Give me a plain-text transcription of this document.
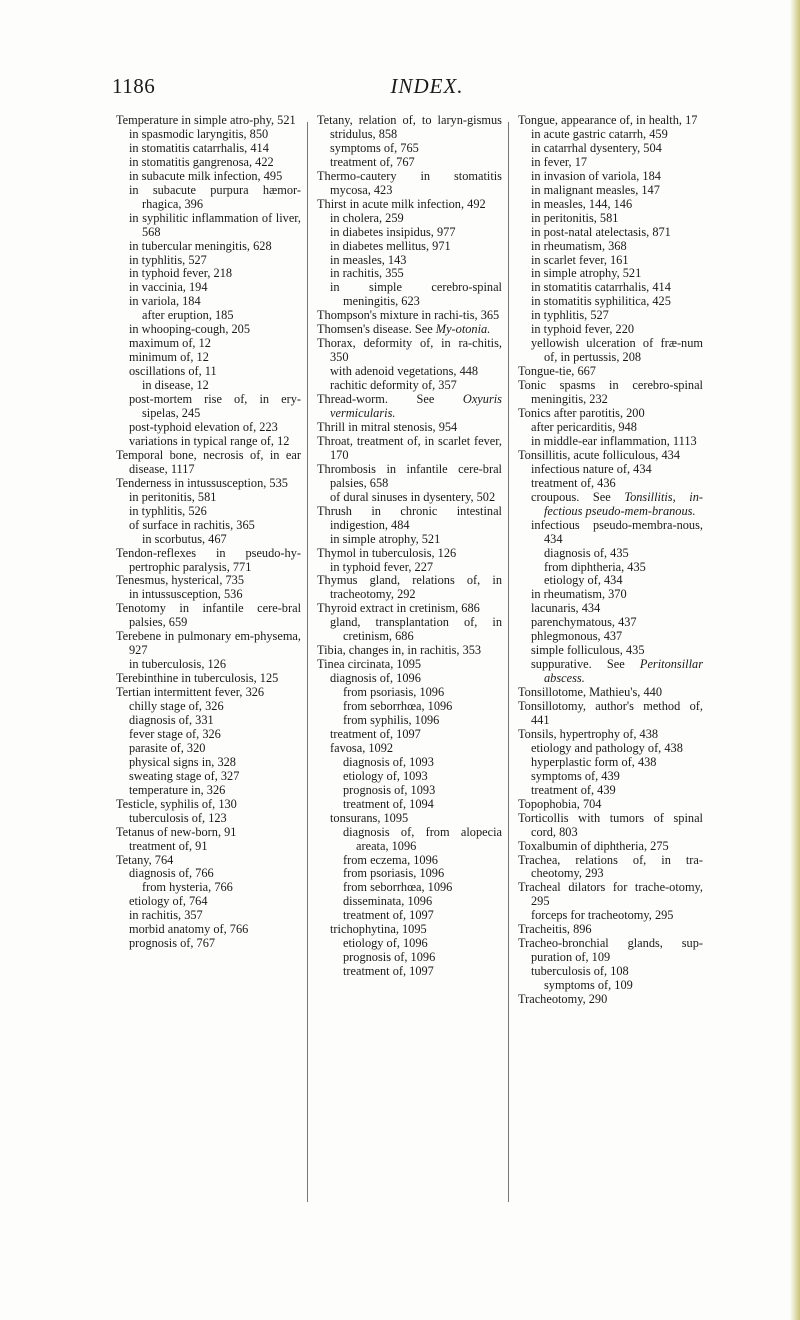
1186	INDEX.

Temperature in simple atro-phy, 521

in spasmodic laryngitis, 850

in stomatitis catarrhalis, 414

in stomatitis gangrenosa, 422

in subacute milk infection, 495

in subacute purpura hæmor-rhagica, 396

in syphilitic inflammation of liver, 568

in tubercular meningitis, 628

in typhlitis, 527

in typhoid fever, 218

in vaccinia, 194

in variola, 184

after eruption, 185

in whooping-cough, 205

maximum of, 12

minimum of, 12

oscillations of, 11

in disease, 12

post-mortem rise of, in ery-sipelas, 245

post-typhoid elevation of, 223

variations in typical range of, 12

Temporal bone, necrosis of, in ear disease, 1117

Tenderness in intussusception, 535

in peritonitis, 581

in typhlitis, 526

of surface in rachitis, 365

in scorbutus, 467

Tendon-reflexes in pseudo-hy-pertrophic paralysis, 771

Tenesmus, hysterical, 735

in intussusception, 536

Tenotomy in infantile cere-bral palsies, 659

Terebene in pulmonary em-physema, 927

in tuberculosis, 126

Terebinthine in tuberculosis, 125

Tertian intermittent fever, 326

chilly stage of, 326

diagnosis of, 331

fever stage of, 326

parasite of, 320

physical signs in, 328

sweating stage of, 327

temperature in, 326

Testicle, syphilis of, 130

tuberculosis of, 123

Tetanus of new-born, 91

treatment of, 91

Tetany, 764

diagnosis of, 766

from hysteria, 766

etiology of, 764

in rachitis, 357

morbid anatomy of, 766

prognosis of, 767

Tetany, relation of, to laryn-gismus stridulus, 858

symptoms of, 765

treatment of, 767

Thermo-cautery in stomatitis mycosa, 423

Thirst in acute milk infection, 492

in cholera, 259

in diabetes insipidus, 977

in diabetes mellitus, 971

in measles, 143

in rachitis, 355

in simple cerebro-spinal meningitis, 623

Thompson's mixture in rachi-tis, 365

Thomsen's disease. See My-otonia.

Thorax, deformity of, in ra-chitis, 350

with adenoid vegetations, 448

rachitic deformity of, 357

Thread-worm. See Oxyuris vermicularis.

Thrill in mitral stenosis, 954

Throat, treatment of, in scarlet fever, 170

Thrombosis in infantile cere-bral palsies, 658

of dural sinuses in dysentery, 502

Thrush in chronic intestinal indigestion, 484

in simple atrophy, 521

Thymol in tuberculosis, 126

in typhoid fever, 227

Thymus gland, relations of, in tracheotomy, 292

Thyroid extract in cretinism, 686

gland, transplantation of, in cretinism, 686

Tibia, changes in, in rachitis, 353

Tinea circinata, 1095

diagnosis of, 1096

from psoriasis, 1096

from seborrhœa, 1096

from syphilis, 1096

treatment of, 1097

favosa, 1092

diagnosis of, 1093

etiology of, 1093

prognosis of, 1093

treatment of, 1094

tonsurans, 1095

diagnosis of, from alopecia areata, 1096

from eczema, 1096

from psoriasis, 1096

from seborrhœa, 1096

disseminata, 1096

treatment of, 1097

trichophytina, 1095

etiology of, 1096

prognosis of, 1096

treatment of, 1097

Tongue, appearance of, in health, 17

in acute gastric catarrh, 459

in catarrhal dysentery, 504

in fever, 17

in invasion of variola, 184

in malignant measles, 147

in measles, 144, 146

in peritonitis, 581

in post-natal atelectasis, 871

in rheumatism, 368

in scarlet fever, 161

in simple atrophy, 521

in stomatitis catarrhalis, 414

in stomatitis syphilitica, 425

in typhlitis, 527

in typhoid fever, 220

yellowish ulceration of fræ-num of, in pertussis, 208

Tongue-tie, 667

Tonic spasms in cerebro-spinal meningitis, 232

Tonics after parotitis, 200

after pericarditis, 948

in middle-ear inflammation, 1113

Tonsillitis, acute folliculous, 434

infectious nature of, 434

treatment of, 436

croupous. See Tonsillitis, in-fectious pseudo-mem-branous.

infectious pseudo-membra-nous, 434

diagnosis of, 435

from diphtheria, 435

etiology of, 434

in rheumatism, 370

lacunaris, 434

parenchymatous, 437

phlegmonous, 437

simple folliculous, 435

suppurative. See Peritonsillar abscess.

Tonsillotome, Mathieu's, 440

Tonsillotomy, author's method of, 441

Tonsils, hypertrophy of, 438

etiology and pathology of, 438

hyperplastic form of, 438

symptoms of, 439

treatment of, 439

Topophobia, 704

Torticollis with tumors of spinal cord, 803

Toxalbumin of diphtheria, 275

Trachea, relations of, in tra-cheotomy, 293

Tracheal dilators for trache-otomy, 295

forceps for tracheotomy, 295

Tracheitis, 896

Tracheo-bronchial glands, sup-puration of, 109

tuberculosis of, 108

symptoms of, 109

Tracheotomy, 290
